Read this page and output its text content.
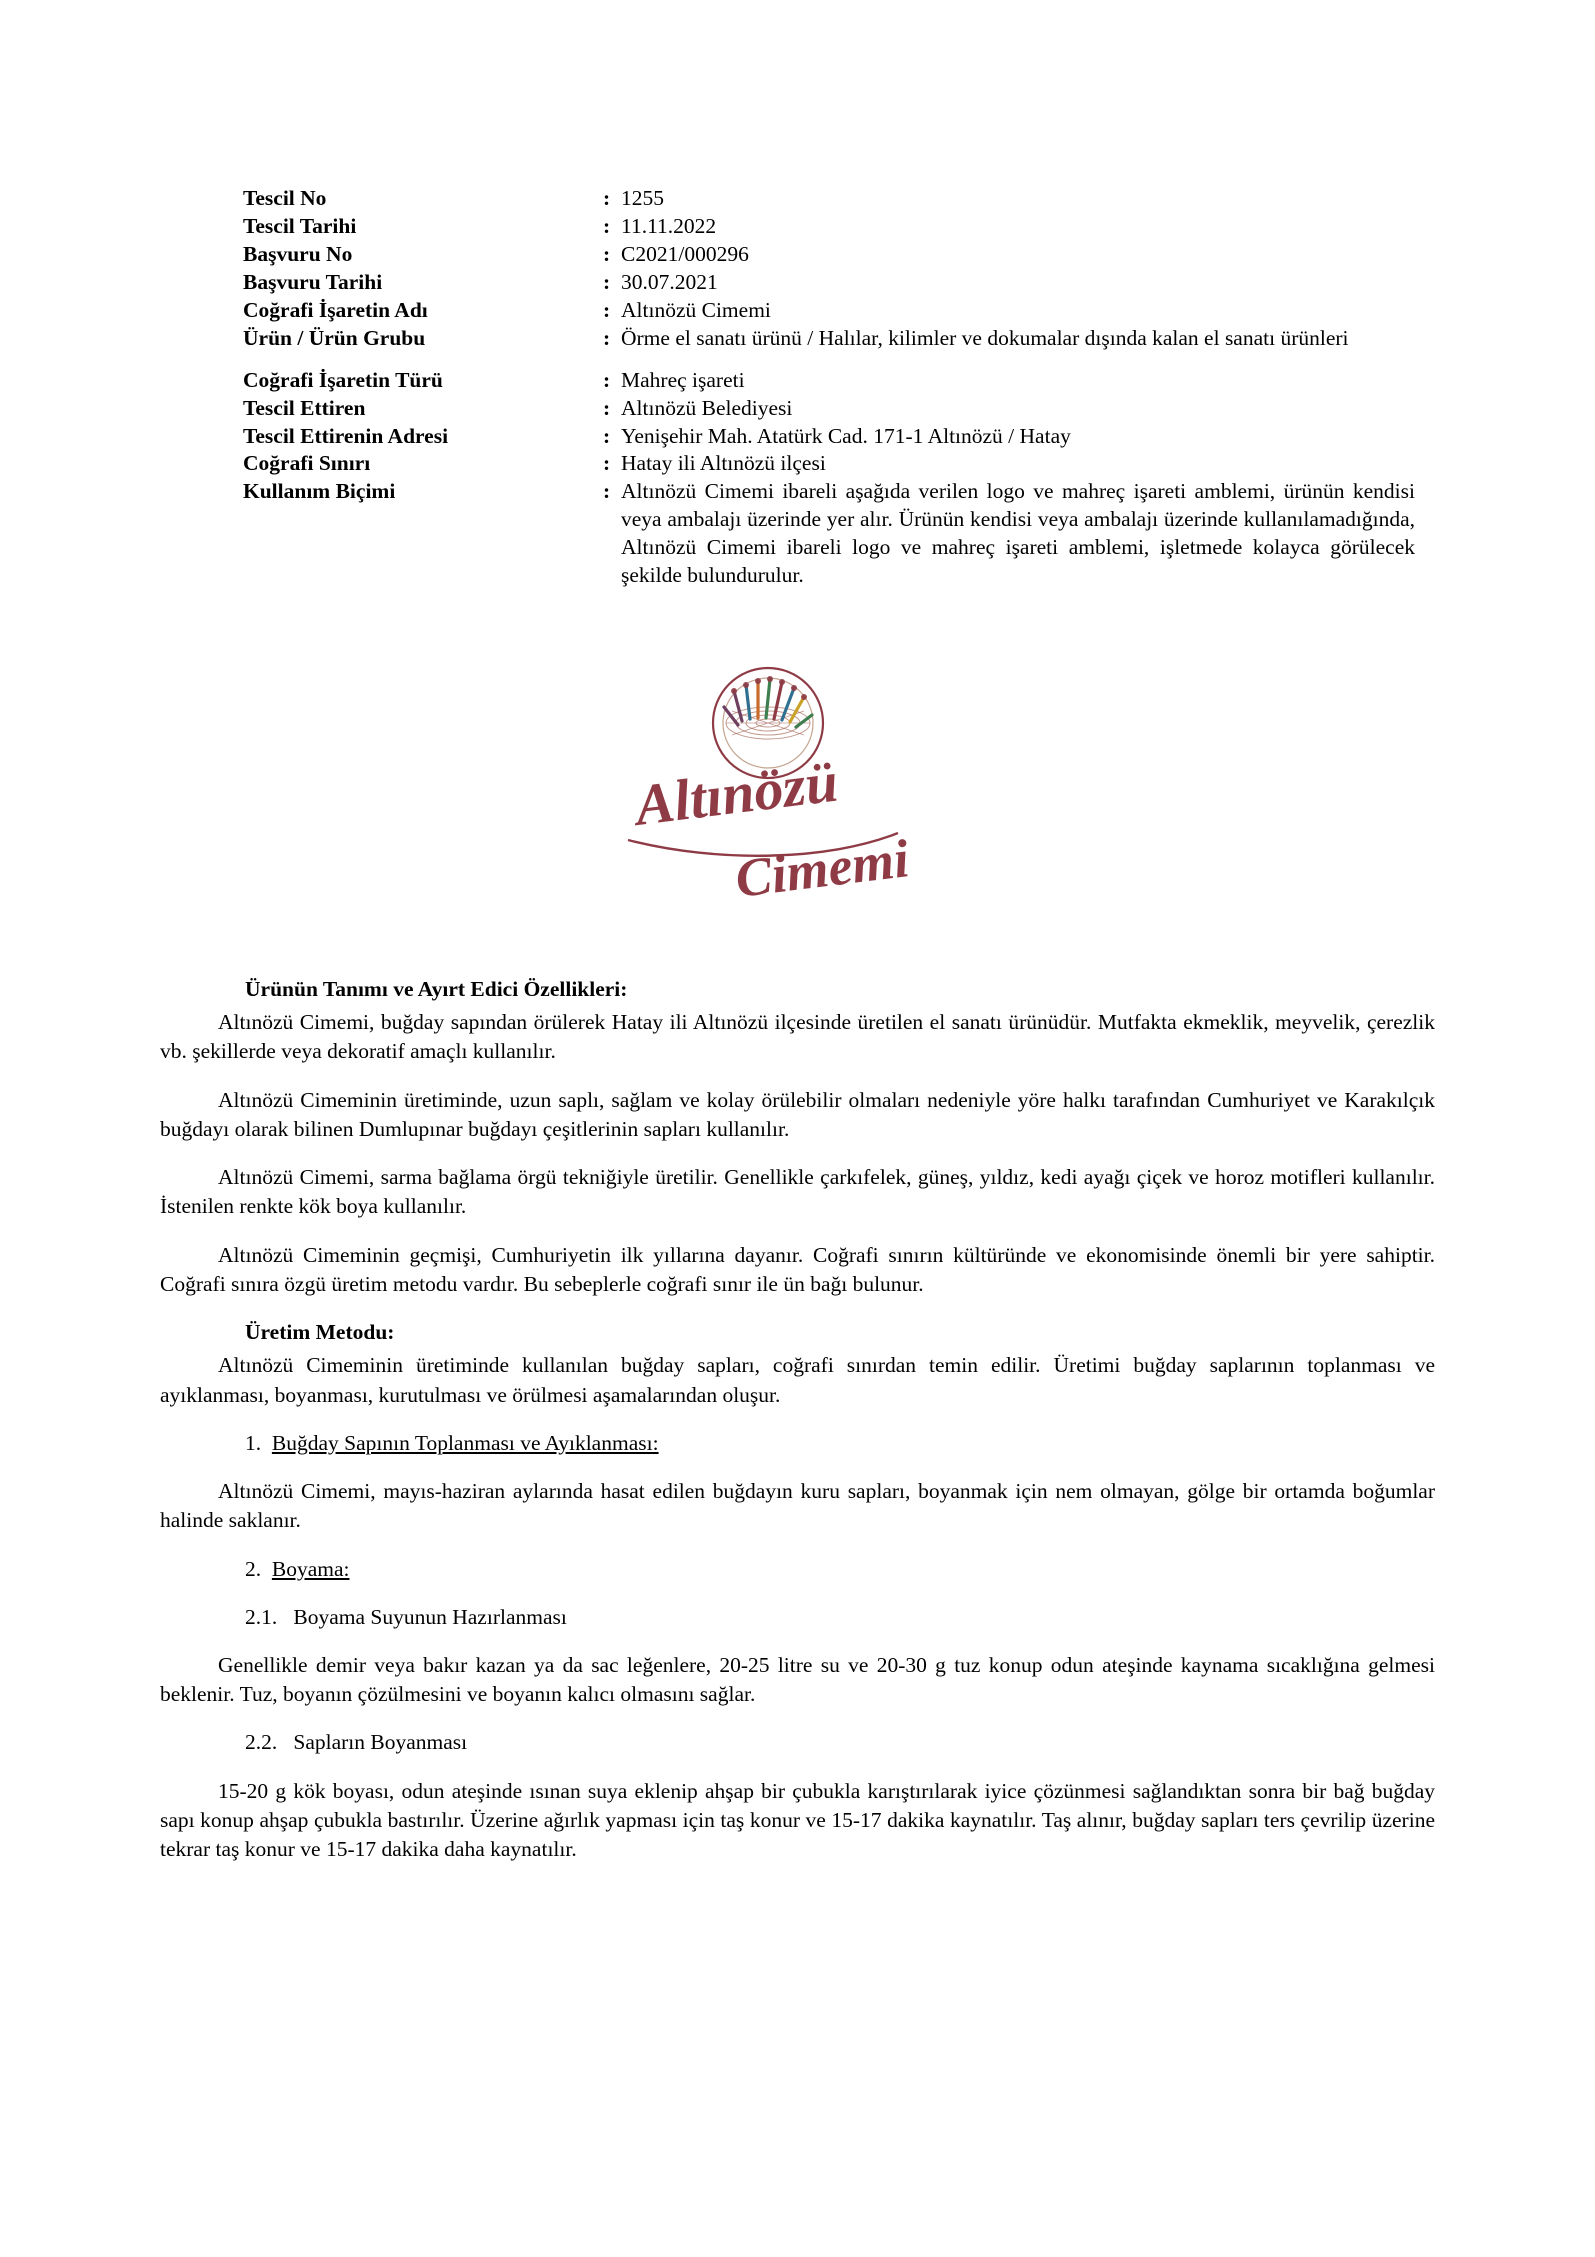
Tescil No	: 1255
Tescil Tarihi	: 11.11.2022
Başvuru No	: C2021/000296
Başvuru Tarihi	: 30.07.2021
Coğrafi İşaretin Adı	: Altınözü Cimemi
Ürün / Ürün Grubu	: Örme el sanatı ürünü / Halılar, kilimler ve dokumalar dışında kalan el sanatı ürünleri
Coğrafi İşaretin Türü	: Mahreç işareti
Tescil Ettiren	: Altınözü Belediyesi
Tescil Ettirenin Adresi	: Yenişehir Mah. Atatürk Cad. 171-1 Altınözü / Hatay
Coğrafi Sınırı	: Hatay ili Altınözü ilçesi
Kullanım Biçimi	: Altınözü Cimemi ibareli aşağıda verilen logo ve mahreç işareti amblemi, ürünün kendisi veya ambalajı üzerinde yer alır. Ürünün kendisi veya ambalajı üzerinde kullanılamadığında, Altınözü Cimemi ibareli logo ve mahreç işareti amblemi, işletmede kolayca görülecek şekilde bulundurulur.
Altınözü
Cimemi
Ürünün Tanımı ve Ayırt Edici Özellikleri:

Altınözü Cimemi, buğday sapından örülerek Hatay ili Altınözü ilçesinde üretilen el sanatı ürünüdür. Mutfakta ekmeklik, meyvelik, çerezlik vb. şekillerde veya dekoratif amaçlı kullanılır.

Altınözü Cimeminin üretiminde, uzun saplı, sağlam ve kolay örülebilir olmaları nedeniyle yöre halkı tarafından Cumhuriyet ve Karakılçık buğdayı olarak bilinen Dumlupınar buğdayı çeşitlerinin sapları kullanılır.

Altınözü Cimemi, sarma bağlama örgü tekniğiyle üretilir. Genellikle çarkıfelek, güneş, yıldız, kedi ayağı çiçek ve horoz motifleri kullanılır. İstenilen renkte kök boya kullanılır.

Altınözü Cimeminin geçmişi, Cumhuriyetin ilk yıllarına dayanır. Coğrafi sınırın kültüründe ve ekonomisinde önemli bir yere sahiptir. Coğrafi sınıra özgü üretim metodu vardır. Bu sebeplerle coğrafi sınır ile ün bağı bulunur.

Üretim Metodu:

Altınözü Cimeminin üretiminde kullanılan buğday sapları, coğrafi sınırdan temin edilir. Üretimi buğday saplarının toplanması ve ayıklanması, boyanması, kurutulması ve örülmesi aşamalarından oluşur.

1. Buğday Sapının Toplanması ve Ayıklanması:

Altınözü Cimemi, mayıs-haziran aylarında hasat edilen buğdayın kuru sapları, boyanmak için nem olmayan, gölge bir ortamda boğumlar halinde saklanır.

2. Boyama:

2.1. Boyama Suyunun Hazırlanması

Genellikle demir veya bakır kazan ya da sac leğenlere, 20-25 litre su ve 20-30 g tuz konup odun ateşinde kaynama sıcaklığına gelmesi beklenir. Tuz, boyanın çözülmesini ve boyanın kalıcı olmasını sağlar.

2.2. Sapların Boyanması

15-20 g kök boyası, odun ateşinde ısınan suya eklenip ahşap bir çubukla karıştırılarak iyice çözünmesi sağlandıktan sonra bir bağ buğday sapı konup ahşap çubukla bastırılır. Üzerine ağırlık yapması için taş konur ve 15-17 dakika kaynatılır. Taş alınır, buğday sapları ters çevrilip üzerine tekrar taş konur ve 15-17 dakika daha kaynatılır.
